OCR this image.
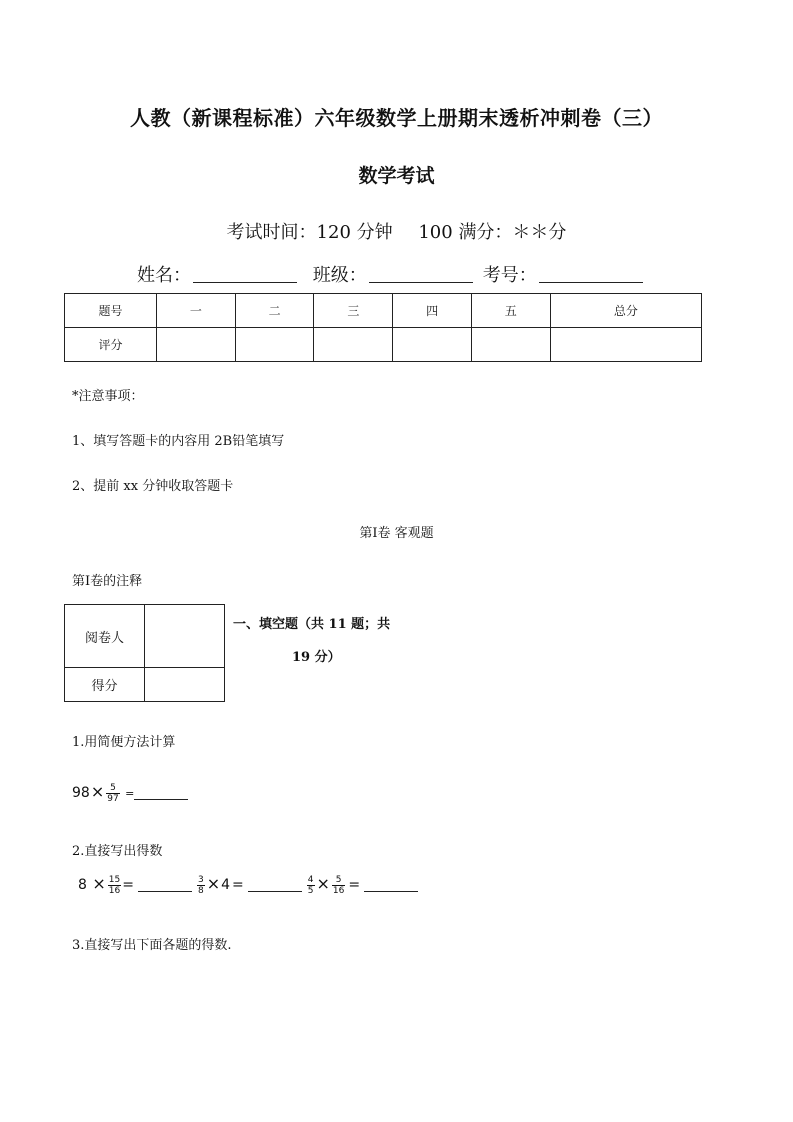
人教（新课程标准）六年级数学上册期末透析冲刺卷（三）
数学考试
考试时间：120 分钟 100 满分：＊＊分
姓名：	班级：	考号：
题号	一	二	三	四	五	总分
评分						
*注意事项：
1、填写答题卡的内容用 2B铅笔填写
2、提前 xx 分钟收取答题卡
第Ⅰ卷 客观题
第Ⅰ卷的注释
阅卷人	
得分	
一、填空题（共 11 题；共
19 分）
1.用简便方法计算
$98\times \frac{5}{97}$ =
2.直接写出得数
$8 \times \frac{15}{16}$ =	$\frac{3}{8} \times 4$ =	$\frac{4}{5} \times \frac{5}{16}$ =
3.直接写出下面各题的得数.
